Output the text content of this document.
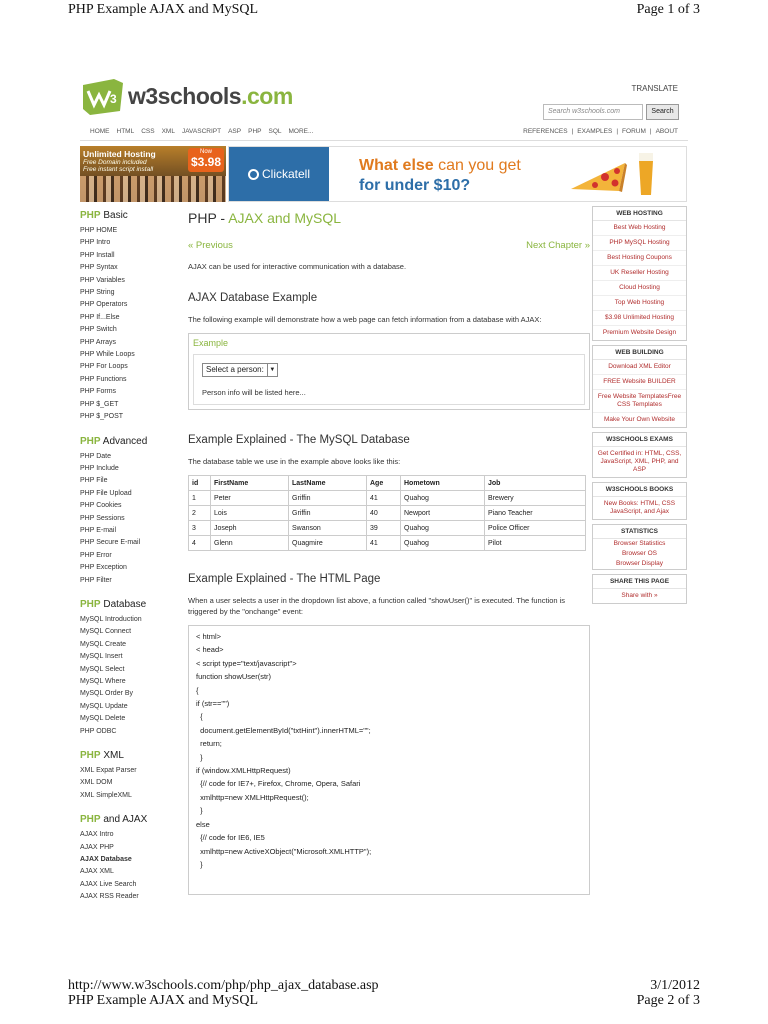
PHP Example AJAX and MySQL	Page 1 of 3
3 w3schools.com	TRANSLATE
Search w3schools.com	Search
HOME HTML CSS XML JAVASCRIPT ASP PHP SQL MORE...	REFERENCES | EXAMPLES | FORUM | ABOUT
Unlimited Hosting
Free Domain included
Free instant script install
Now
$3.98
Clickatell	What else can you get
for under $10?
PHP Basic
PHP HOME
PHP Intro
PHP Install
PHP Syntax
PHP Variables
PHP String
PHP Operators
PHP If...Else
PHP Switch
PHP Arrays
PHP While Loops
PHP For Loops
PHP Functions
PHP Forms
PHP $_GET
PHP $_POST
PHP Advanced
PHP Date
PHP Include
PHP File
PHP File Upload
PHP Cookies
PHP Sessions
PHP E-mail
PHP Secure E-mail
PHP Error
PHP Exception
PHP Filter
PHP Database
MySQL Introduction
MySQL Connect
MySQL Create
MySQL Insert
MySQL Select
MySQL Where
MySQL Order By
MySQL Update
MySQL Delete
PHP ODBC
PHP XML
XML Expat Parser
XML DOM
XML SimpleXML
PHP and AJAX
AJAX Intro
AJAX PHP
AJAX Database
AJAX XML
AJAX Live Search
AJAX RSS Reader
PHP - AJAX and MySQL
« Previous	Next Chapter »
AJAX can be used for interactive communication with a database.
AJAX Database Example
The following example will demonstrate how a web page can fetch information from a database with AJAX:
Example
Select a person: ▼
Person info will be listed here...
Example Explained - The MySQL Database
The database table we use in the example above looks like this:
id	FirstName	LastName	Age	Hometown	Job
1	Peter	Griffin	41	Quahog	Brewery
2	Lois	Griffin	40	Newport	Piano Teacher
3	Joseph	Swanson	39	Quahog	Police Officer
4	Glenn	Quagmire	41	Quahog	Pilot
Example Explained - The HTML Page
When a user selects a user in the dropdown list above, a function called "showUser()" is executed. The function is triggered by the "onchange" event:
< html>
< head>
< script type="text/javascript">
function showUser(str)
{
if (str=="")
{
document.getElementById("txtHint").innerHTML="";
return;
}
if (window.XMLHttpRequest)
{// code for IE7+, Firefox, Chrome, Opera, Safari
xmlhttp=new XMLHttpRequest();
}
else
{// code for IE6, IE5
xmlhttp=new ActiveXObject("Microsoft.XMLHTTP");
}
WEB HOSTING
Best Web Hosting
PHP MySQL Hosting
Best Hosting Coupons
UK Reseller Hosting
Cloud Hosting
Top Web Hosting
$3.98 Unlimited Hosting
Premium Website Design
WEB BUILDING
Download XML Editor
FREE Website BUILDER
Free Website TemplatesFree CSS Templates
Make Your Own Website
W3SCHOOLS EXAMS
Get Certified in: HTML, CSS, JavaScript, XML, PHP, and ASP
W3SCHOOLS BOOKS
New Books: HTML, CSS JavaScript, and Ajax
STATISTICS
Browser Statistics
Browser OS
Browser Display
SHARE THIS PAGE
Share with »
http://www.w3schools.com/php/php_ajax_database.asp	3/1/2012
PHP Example AJAX and MySQL	Page 2 of 3
